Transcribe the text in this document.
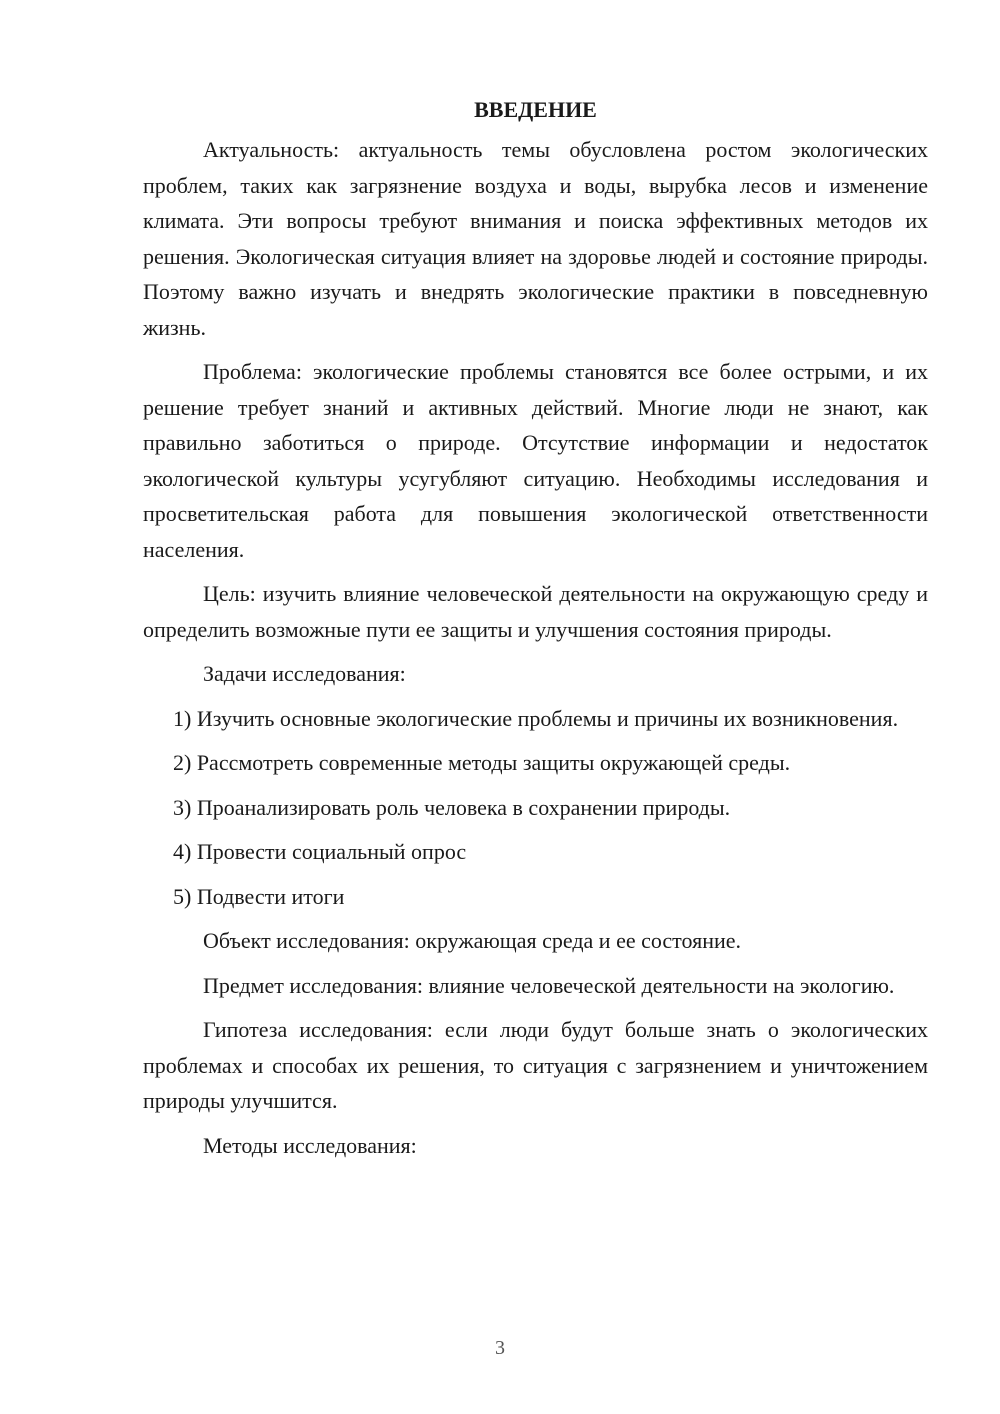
ВВЕДЕНИЕ

Актуальность: актуальность темы обусловлена ростом экологических проблем, таких как загрязнение воздуха и воды, вырубка лесов и изменение климата. Эти вопросы требуют внимания и поиска эффективных методов их решения. Экологическая ситуация влияет на здоровье людей и состояние природы. Поэтому важно изучать и внедрять экологические практики в повседневную жизнь.

Проблема: экологические проблемы становятся все более острыми, и их решение требует знаний и активных действий. Многие люди не знают, как правильно заботиться о природе. Отсутствие информации и недостаток экологической культуры усугубляют ситуацию. Необходимы исследования и просветительская работа для повышения экологической ответственности населения.

Цель: изучить влияние человеческой деятельности на окружающую среду и определить возможные пути ее защиты и улучшения состояния природы.

Задачи исследования:

1) Изучить основные экологические проблемы и причины их возникновения.

2) Рассмотреть современные методы защиты окружающей среды.

3) Проанализировать роль человека в сохранении природы.

4) Провести социальный опрос

5) Подвести итоги

Объект исследования: окружающая среда и ее состояние.

Предмет исследования: влияние человеческой деятельности на экологию.

Гипотеза исследования: если люди будут больше знать о экологических проблемах и способах их решения, то ситуация с загрязнением и уничтожением природы улучшится.

Методы исследования:

3
